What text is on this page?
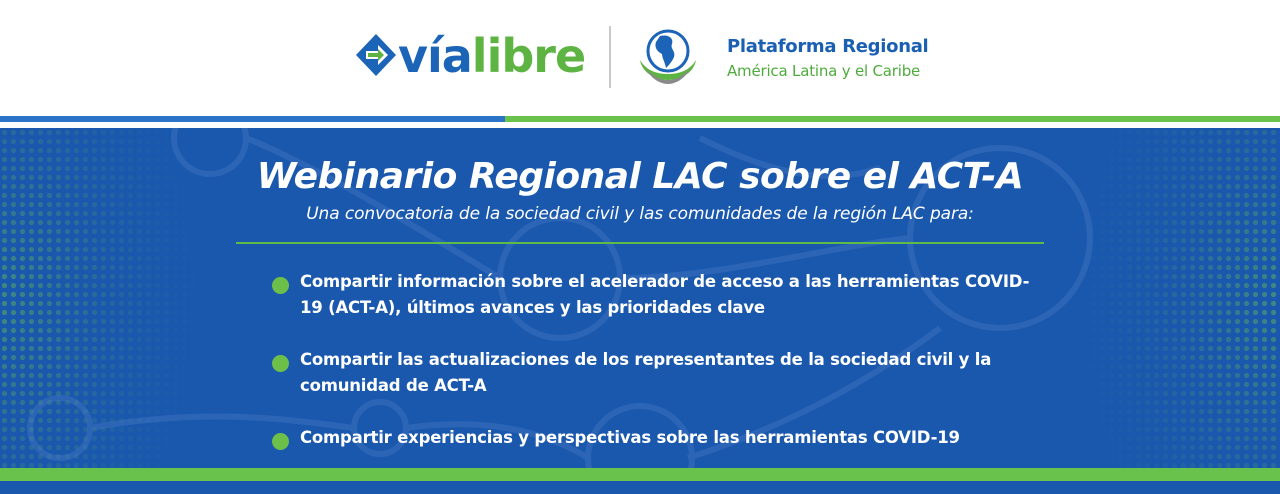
víalibre	Plataforma Regional
América Latina y el Caribe
Webinario Regional LAC sobre el ACT-A
Una convocatoria de la sociedad civil y las comunidades de la región LAC para:
Compartir información sobre el acelerador de acceso a las herramientas COVID-19 (ACT-A), últimos avances y las prioridades clave
Compartir las actualizaciones de los representantes de la sociedad civil y la comunidad de ACT-A
Compartir experiencias y perspectivas sobre las herramientas COVID-19
